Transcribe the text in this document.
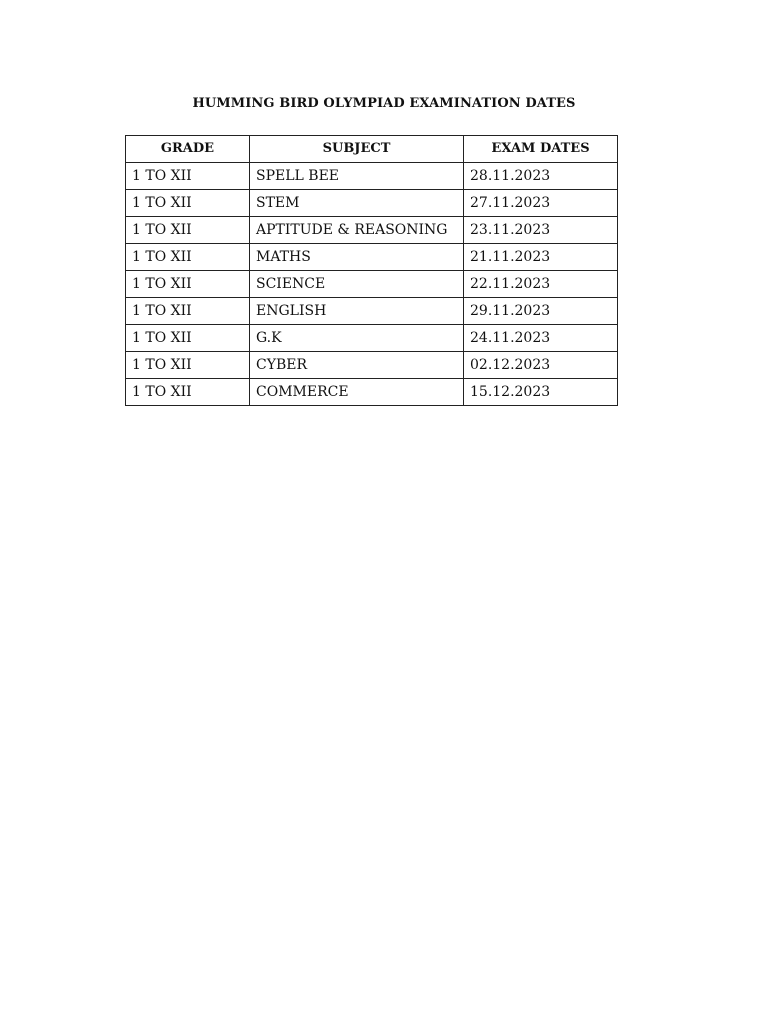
HUMMING BIRD OLYMPIAD EXAMINATION DATES
GRADE	SUBJECT	EXAM DATES
1 TO XII	SPELL BEE	28.11.2023
1 TO XII	STEM	27.11.2023
1 TO XII	APTITUDE & REASONING	23.11.2023
1 TO XII	MATHS	21.11.2023
1 TO XII	SCIENCE	22.11.2023
1 TO XII	ENGLISH	29.11.2023
1 TO XII	G.K	24.11.2023
1 TO XII	CYBER	02.12.2023
1 TO XII	COMMERCE	15.12.2023
